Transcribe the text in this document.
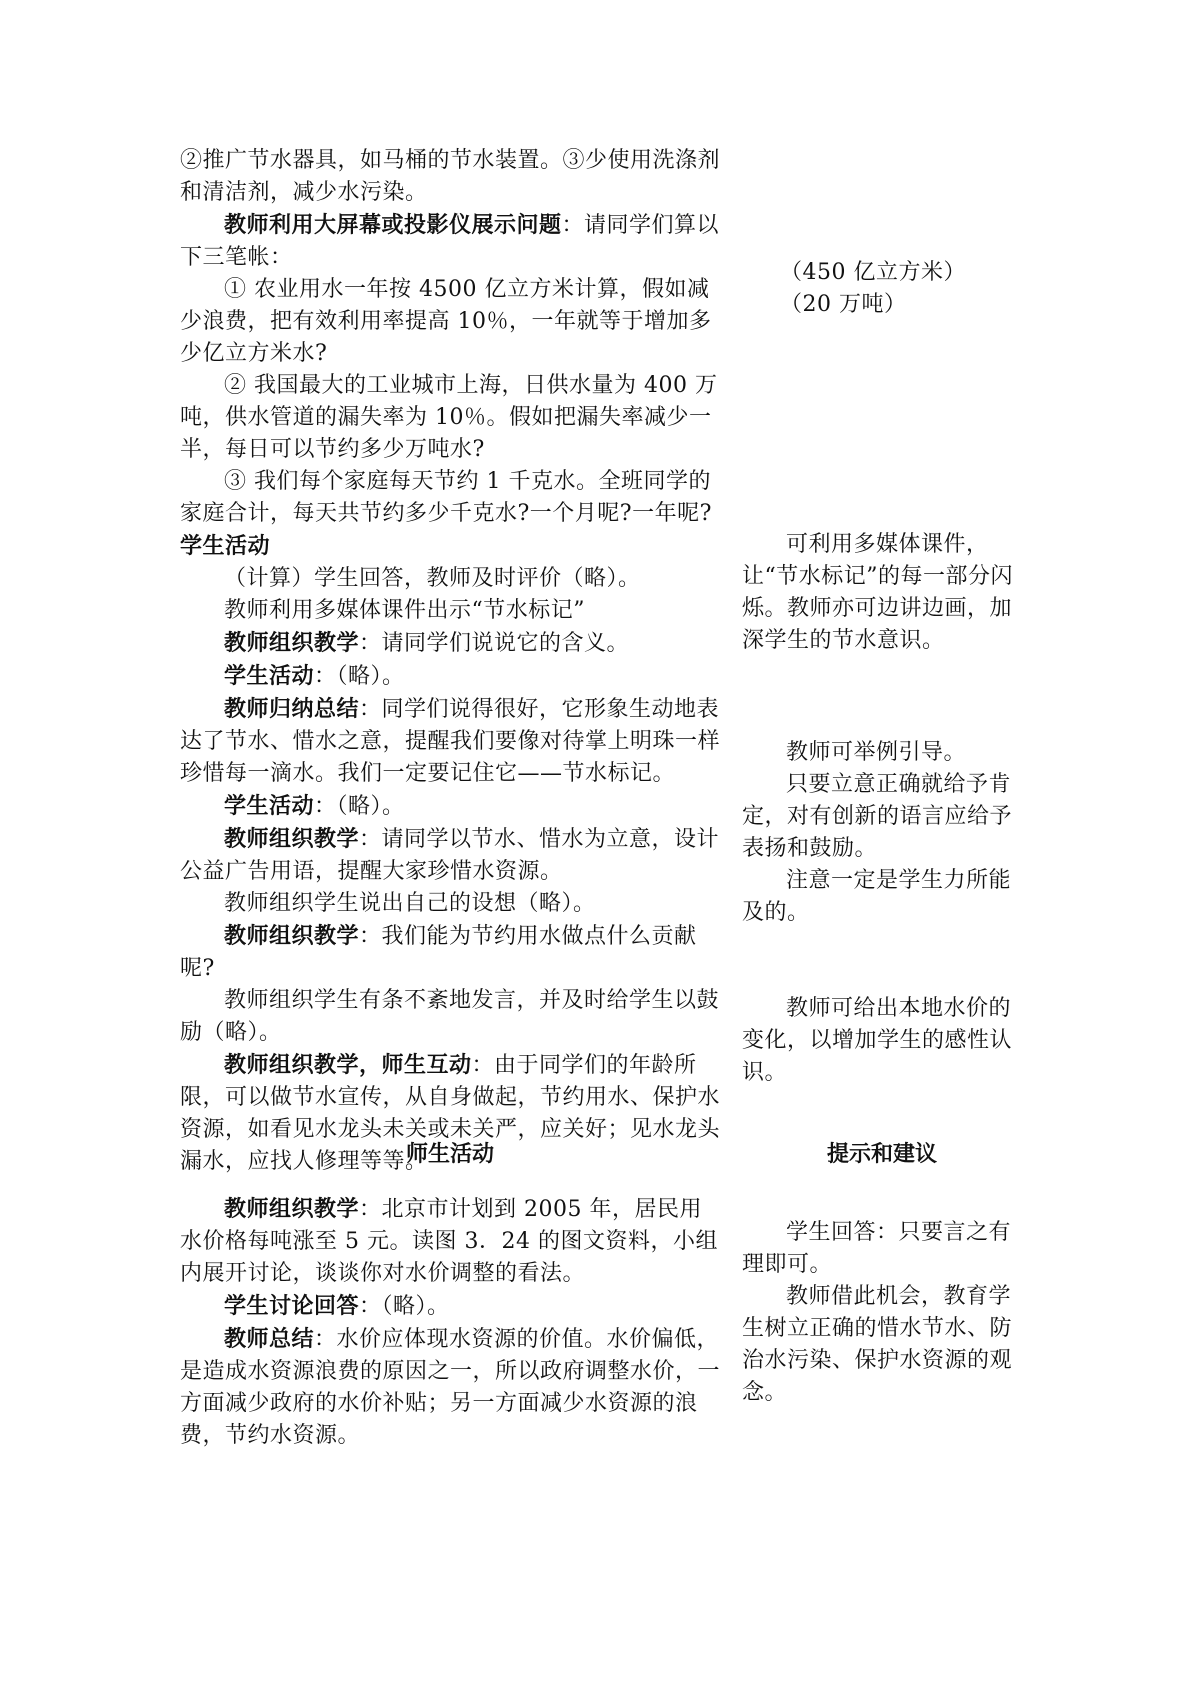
②推广节水器具，如马桶的节水装置。③少使用洗涤剂和清洁剂，减少水污染。

教师利用大屏幕或投影仪展示问题：请同学们算以下三笔帐：

① 农业用水一年按 4500 亿立方米计算，假如减少浪费，把有效利用率提高 10％，一年就等于增加多少亿立方米水?

② 我国最大的工业城市上海，日供水量为 400 万吨，供水管道的漏失率为 10％。假如把漏失率减少一半，每日可以节约多少万吨水?

③ 我们每个家庭每天节约 1 千克水。全班同学的家庭合计，每天共节约多少千克水?一个月呢?一年呢? 学生活动

（计算）学生回答，教师及时评价（略）。

教师利用多媒体课件出示“节水标记”

教师组织教学：请同学们说说它的含义。

学生活动：（略）。

教师归纳总结：同学们说得很好，它形象生动地表达了节水、惜水之意，提醒我们要像对待掌上明珠一样珍惜每一滴水。我们一定要记住它——节水标记。

学生活动：（略）。

教师组织教学：请同学以节水、惜水为立意，设计公益广告用语，提醒大家珍惜水资源。

教师组织学生说出自己的设想（略）。

教师组织教学：我们能为节约用水做点什么贡献呢?

教师组织学生有条不紊地发言，并及时给学生以鼓励（略）。

教师组织教学，师生互动：由于同学们的年龄所限，可以做节水宣传，从自身做起，节约用水、保护水资源，如看见水龙头未关或未关严，应关好；见水龙头漏水，应找人修理等等。

（450 亿立方米）

（20 万吨）

可利用多媒体课件，让“节水标记”的每一部分闪烁。教师亦可边讲边画，加深学生的节水意识。

教师可举例引导。

只要立意正确就给予肯定，对有创新的语言应给予表扬和鼓励。

注意一定是学生力所能及的。

教师可给出本地水价的变化，以增加学生的感性认识。

师生活动	提示和建议

教师组织教学：北京市计划到 2005 年，居民用水价格每吨涨至 5 元。读图 3．24 的图文资料，小组内展开讨论，谈谈你对水价调整的看法。

学生讨论回答：（略）。

教师总结：水价应体现水资源的价值。水价偏低，是造成水资源浪费的原因之一，所以政府调整水价，一方面减少政府的水价补贴；另一方面减少水资源的浪费，节约水资源。

学生回答：只要言之有理即可。

教师借此机会，教育学生树立正确的惜水节水、防治水污染、保护水资源的观念。
